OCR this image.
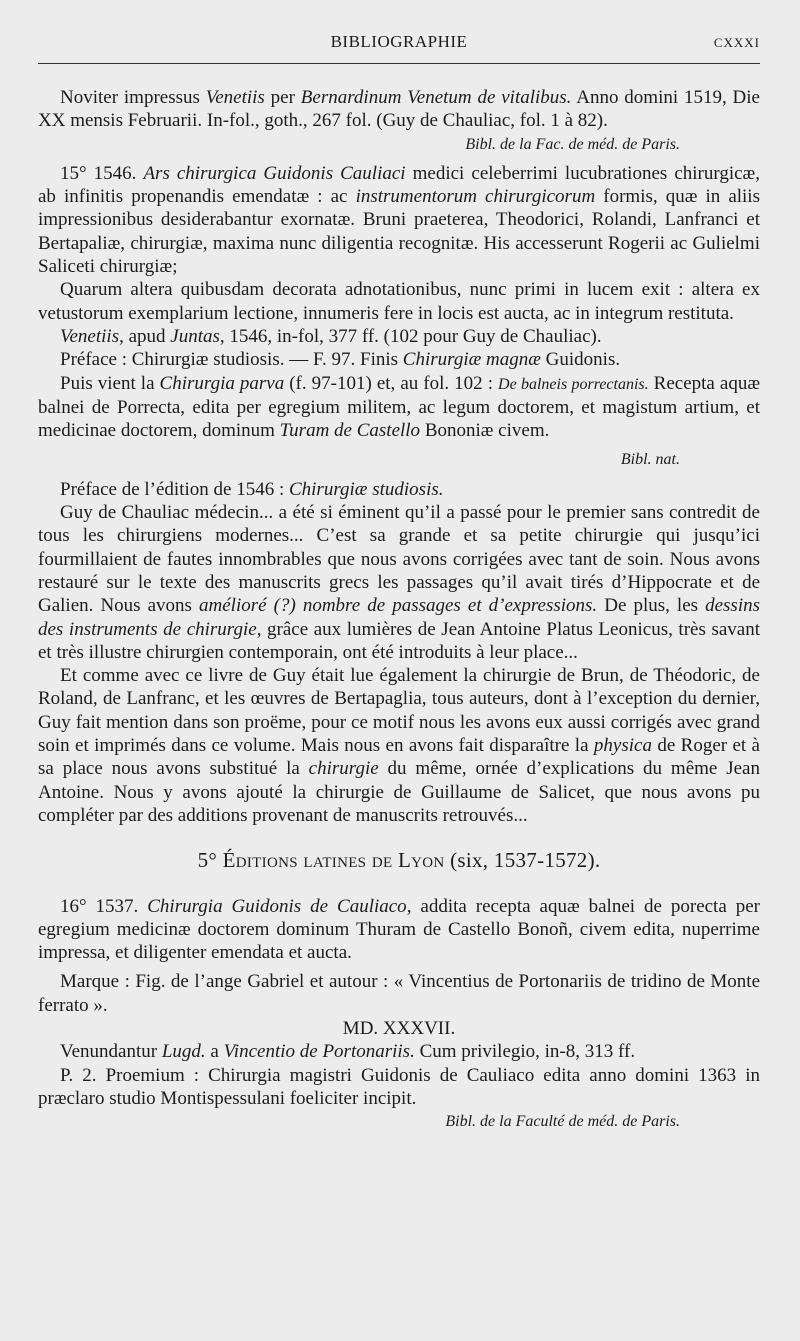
BIBLIOGRAPHIE	CXXXI

Noviter impressus Venetiis per Bernardinum Venetum de vitalibus. Anno domini 1519, Die XX mensis Februarii. In-fol., goth., 267 fol. (Guy de Chauliac, fol. 1 à 82).

Bibl. de la Fac. de méd. de Paris.

15° 1546. Ars chirurgica Guidonis Cauliaci medici celeberrimi lucubrationes chirurgicæ, ab infinitis propenandis emendatæ : ac instrumentorum chirurgicorum formis, quæ in aliis impressionibus desiderabantur exornatæ. Bruni praeterea, Theodorici, Rolandi, Lanfranci et Bertapaliæ, chirurgiæ, maxima nunc diligentia recognitæ. His accesserunt Rogerii ac Gulielmi Saliceti chirurgiæ;

Quarum altera quibusdam decorata adnotationibus, nunc primi in lucem exit : altera ex vetustorum exemplarium lectione, innumeris fere in locis est aucta, ac in integrum restituta.

Venetiis, apud Juntas, 1546, in-fol, 377 ff. (102 pour Guy de Chauliac).

Préface : Chirurgiæ studiosis. — F. 97. Finis Chirurgiæ magnæ Guidonis.

Puis vient la Chirurgia parva (f. 97-101) et, au fol. 102 : De balneis porrectanis. Recepta aquæ balnei de Porrecta, edita per egregium militem, ac legum doctorem, et magistum artium, et medicinae doctorem, dominum Turam de Castello Bononiæ civem.

Bibl. nat.

Préface de l’édition de 1546 : Chirurgiæ studiosis.

Guy de Chauliac médecin... a été si éminent qu’il a passé pour le premier sans contredit de tous les chirurgiens modernes... C’est sa grande et sa petite chirurgie qui jusqu’ici fourmillaient de fautes innombrables que nous avons corrigées avec tant de soin. Nous avons restauré sur le texte des manuscrits grecs les passages qu’il avait tirés d’Hippocrate et de Galien. Nous avons amélioré (?) nombre de passages et d’expressions. De plus, les dessins des instruments de chirurgie, grâce aux lumières de Jean Antoine Platus Leonicus, très savant et très illustre chirurgien contemporain, ont été introduits à leur place...

Et comme avec ce livre de Guy était lue également la chirurgie de Brun, de Théodoric, de Roland, de Lanfranc, et les œuvres de Bertapaglia, tous auteurs, dont à l’exception du dernier, Guy fait mention dans son proëme, pour ce motif nous les avons eux aussi corrigés avec grand soin et imprimés dans ce volume. Mais nous en avons fait disparaître la physica de Roger et à sa place nous avons substitué la chirurgie du même, ornée d’explications du même Jean Antoine. Nous y avons ajouté la chirurgie de Guillaume de Salicet, que nous avons pu compléter par des additions provenant de manuscrits retrouvés...

5° Éditions latines de Lyon (six, 1537-1572).

16° 1537. Chirurgia Guidonis de Cauliaco, addita recepta aquæ balnei de porecta per egregium medicinæ doctorem dominum Thuram de Castello Bonoñ, civem edita, nuperrime impressa, et diligenter emendata et aucta.

Marque : Fig. de l’ange Gabriel et autour : « Vincentius de Portonariis de tridino de Monte ferrato ».

MD. XXXVII.

Venundantur Lugd. a Vincentio de Portonariis. Cum privilegio, in-8, 313 ff.

P. 2. Proemium : Chirurgia magistri Guidonis de Cauliaco edita anno domini 1363 in præclaro studio Montispessulani foeliciter incipit.

Bibl. de la Faculté de méd. de Paris.
